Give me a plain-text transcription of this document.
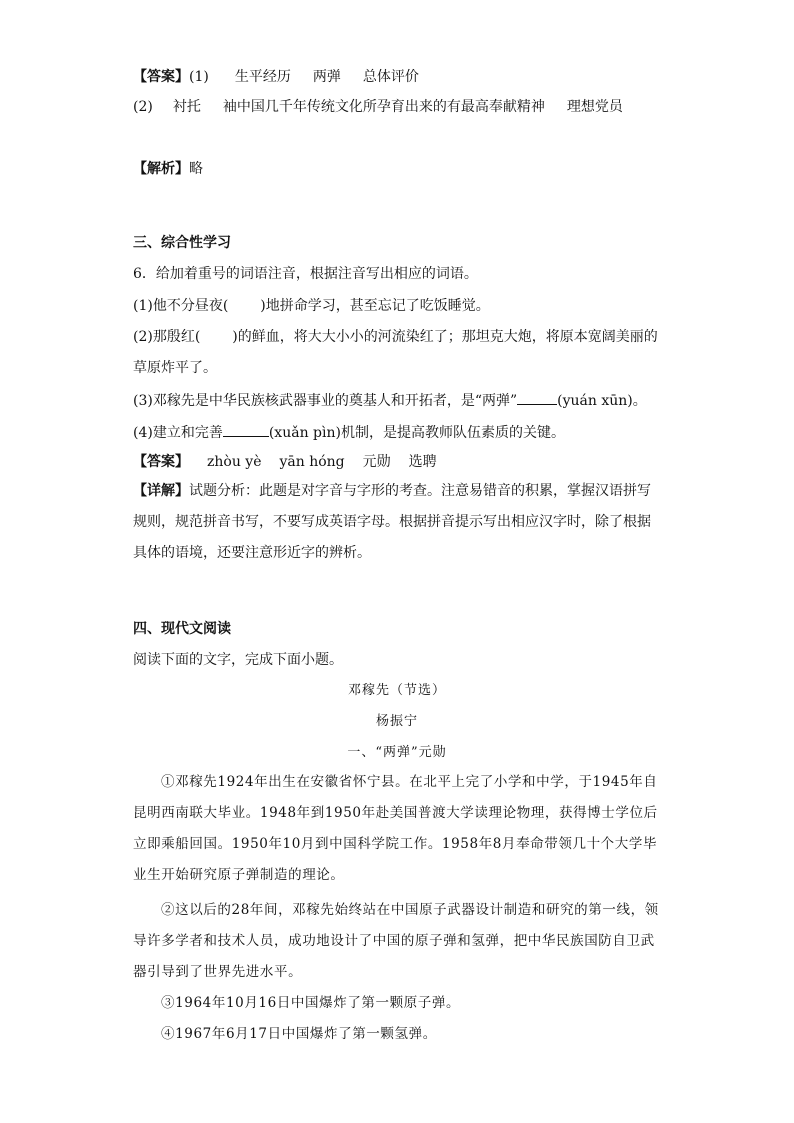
【答案】(1) 生平经历 两弹 总体评价
(2) 衬托 袖中国几千年传统文化所孕育出来的有最高奉献精神 理想党员
【解析】略
三、综合性学习
6．给加着重号的词语注音，根据注音写出相应的词语。
(1)他不分昼夜( )地拼命学习，甚至忘记了吃饭睡觉。
(2)那殷红( )的鲜血，将大大小小的河流染红了；那坦克大炮，将原本宽阔美丽的
草原炸平了。
(3)邓稼先是中华民族核武器事业的奠基人和开拓者，是“两弹”	(yuán xūn)。
(4)建立和完善	(xuǎn pìn)机制，是提高教师队伍素质的关键。
【答案】 zhòu yè yān hóng 元勋 选聘
【详解】试题分析：此题是对字音与字形的考查。注意易错音的积累，掌握汉语拼写规则，规范拼音书写，不要写成英语字母。根据拼音提示写出相应汉字时，除了根据具体的语境，还要注意形近字的辨析。
四、现代文阅读
阅读下面的文字，完成下面小题。
邓稼先（节选）
杨振宁
一、“两弹”元勋
①邓稼先1924年出生在安徽省怀宁县。在北平上完了小学和中学，于1945年自昆明西南联大毕业。1948年到1950年赴美国普渡大学读理论物理，获得博士学位后立即乘船回国。1950年10月到中国科学院工作。1958年8月奉命带领几十个大学毕业生开始研究原子弹制造的理论。
②这以后的28年间，邓稼先始终站在中国原子武器设计制造和研究的第一线，领导许多学者和技术人员，成功地设计了中国的原子弹和氢弹，把中华民族国防自卫武器引导到了世界先进水平。
③1964年10月16日中国爆炸了第一颗原子弹。
④1967年6月17日中国爆炸了第一颗氢弹。
